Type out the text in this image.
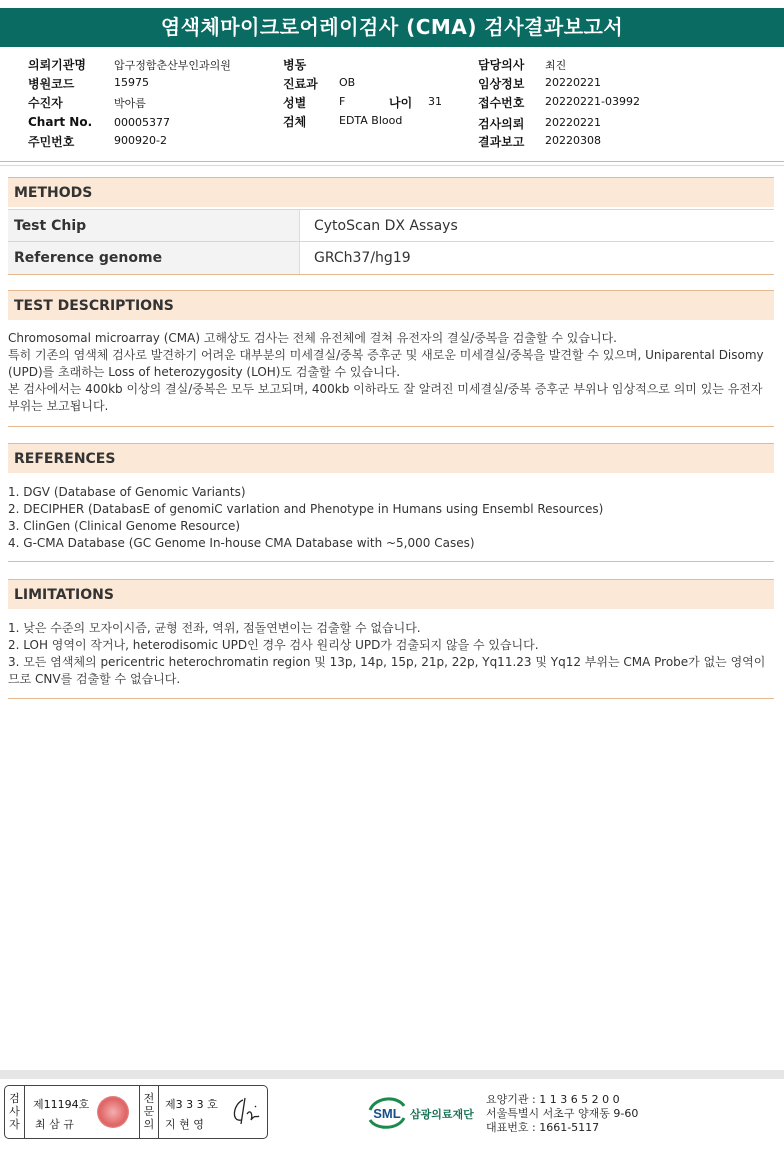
염색체마이크로어레이검사 (CMA) 검사결과보고서
의뢰기관명	압구정함춘산부인과의원
병원코드	15975
수진자	박아름
Chart No. 00005377
주민번호	900920-2
병동
진료과 OB
성별	F	나이 31
검체	EDTA Blood
담당의사 최진
임상정보 20220221
접수번호 20220221-03992
검사의뢰 20220221
결과보고 20220308
METHODS
Test Chip	CytoScan DX Assays
Reference genome	GRCh37/hg19
TEST DESCRIPTIONS

Chromosomal microarray (CMA) 고해상도 검사는 전체 유전체에 걸쳐 유전자의 결실/중복을 검출할 수 있습니다.

특히 기존의 염색체 검사로 발견하기 어려운 대부분의 미세결실/중복 증후군 및 새로운 미세결실/중복을 발견할 수 있으며, Uniparental Disomy (UPD)를 초래하는 Loss of heterozygosity (LOH)도 검출할 수 있습니다.

본 검사에서는 400kb 이상의 결실/중복은 모두 보고되며, 400kb 이하라도 잘 알려진 미세결실/중복 증후군 부위나 임상적으로 의미 있는 유전자 부위는 보고됩니다.

REFERENCES

1. DGV (Database of Genomic Variants)

2. DECIPHER (DatabasE of genomiC varIation and Phenotype in Humans using Ensembl Resources)

3. ClinGen (Clinical Genome Resource)

4. G-CMA Database (GC Genome In-house CMA Database with ~5,000 Cases)

LIMITATIONS

1. 낮은 수준의 모자이시즘, 균형 전좌, 역위, 점돌연변이는 검출할 수 없습니다.

2. LOH 영역이 작거나, heterodisomic UPD인 경우 검사 원리상 UPD가 검출되지 않을 수 있습니다.

3. 모든 염색체의 pericentric heterochromatin region 및 13p, 14p, 15p, 21p, 22p, Yq11.23 및 Yq12 부위는 CMA Probe가 없는 영역이므로 CNV를 검출할 수 없습니다.

검사자
제11194호
최 삼 규
전문의
제3 3 3 호
지 현 영
SML 삼광의료재단
요양기관 : 1 1 3 6 5 2 0 0
서울특별시 서초구 양재동 9-60
대표번호 : 1661-5117
